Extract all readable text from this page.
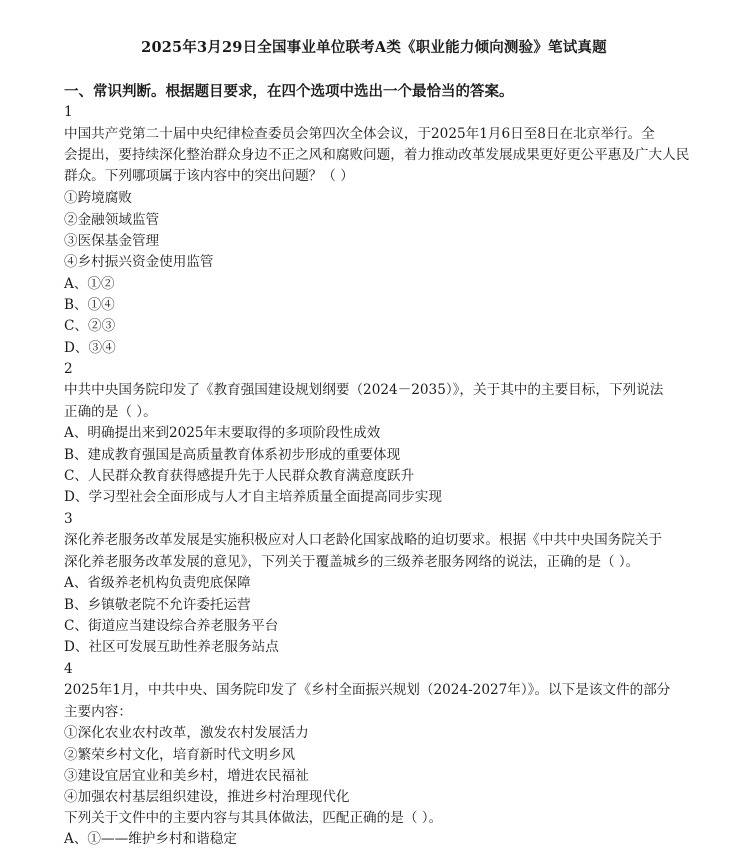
2025年3月29日全国事业单位联考A类《职业能力倾向测验》笔试真题
一、常识判断。根据题目要求，在四个选项中选出一个最恰当的答案。
1
中国共产党第二十届中央纪律检查委员会第四次全体会议，于2025年1月6日至8日在北京举行。全
会提出，要持续深化整治群众身边不正之风和腐败问题，着力推动改革发展成果更好更公平惠及广大人民
群众。下列哪项属于该内容中的突出问题？（ ）
①跨境腐败
②金融领域监管
③医保基金管理
④乡村振兴资金使用监管
A、①②
B、①④
C、②③
D、③④
2
中共中央国务院印发了《教育强国建设规划纲要（2024－2035）》，关于其中的主要目标，下列说法
正确的是（ ）。
A、明确提出来到2025年末要取得的多项阶段性成效
B、建成教育强国是高质量教育体系初步形成的重要体现
C、人民群众教育获得感提升先于人民群众教育满意度跃升
D、学习型社会全面形成与人才自主培养质量全面提高同步实现
3
深化养老服务改革发展是实施积极应对人口老龄化国家战略的迫切要求。根据《中共中央国务院关于
深化养老服务改革发展的意见》，下列关于覆盖城乡的三级养老服务网络的说法，正确的是（ ）。
A、省级养老机构负责兜底保障
B、乡镇敬老院不允许委托运营
C、街道应当建设综合养老服务平台
D、社区可发展互助性养老服务站点
4
2025年1月，中共中央、国务院印发了《乡村全面振兴规划（2024-2027年）》。以下是该文件的部分
主要内容：
①深化农业农村改革，激发农村发展活力
②繁荣乡村文化，培育新时代文明乡风
③建设宜居宜业和美乡村，增进农民福祉
④加强农村基层组织建设，推进乡村治理现代化
下列关于文件中的主要内容与其具体做法，匹配正确的是（ ）。
A、①——维护乡村和谐稳定
